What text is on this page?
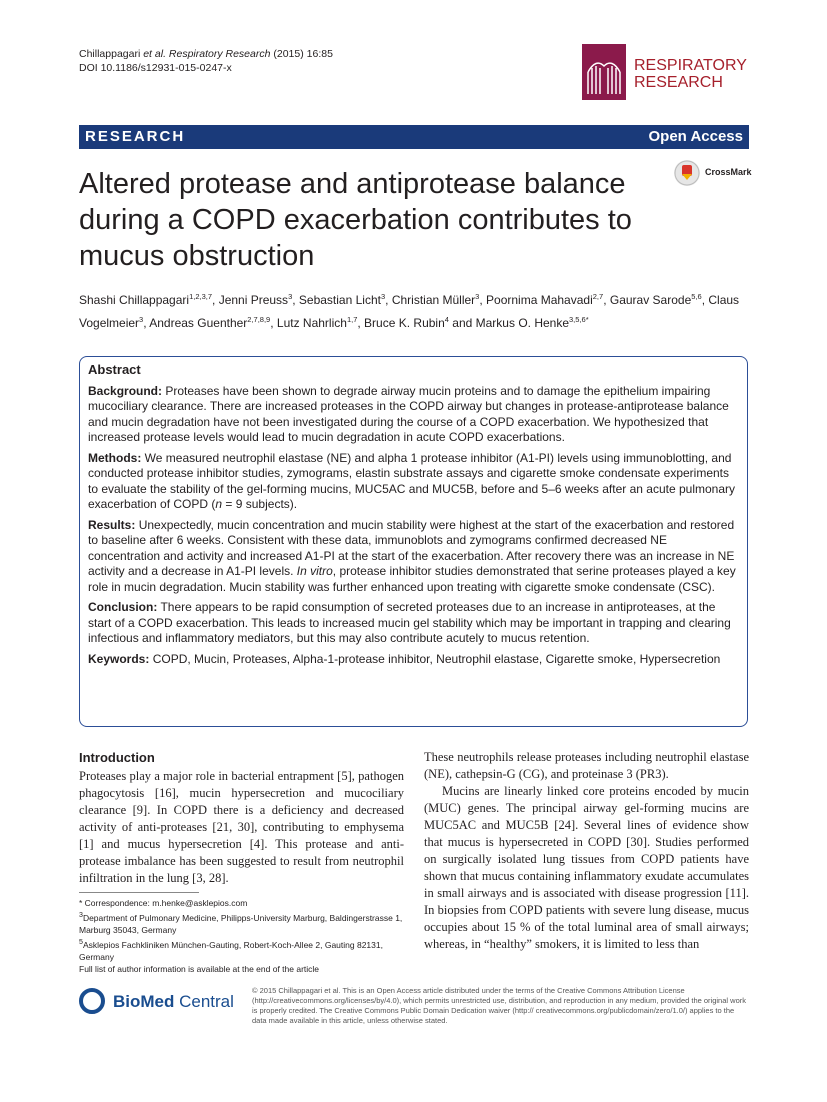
Chillappagari et al. Respiratory Research (2015) 16:85
DOI 10.1186/s12931-015-0247-x	RESPIRATORY
RESEARCH
RESEARCH	Open Access
Altered protease and antiprotease balance during a COPD exacerbation contributes to mucus obstruction
CrossMark
Shashi Chillappagari$^{1,2,3,7}$, Jenni Preuss$^3$, Sebastian Licht$^3$, Christian Müller$^3$, Poornima Mahavadi$^{2,7}$, Gaurav Sarode$^{5,6}$, Claus Vogelmeier$^3$, Andreas Guenther$^{2,7,8,9}$, Lutz Nahrlich$^{1,7}$, Bruce K. Rubin$^4$ and Markus O. Henke$^{3,5,6*}$
Abstract

Background: Proteases have been shown to degrade airway mucin proteins and to damage the epithelium impairing mucociliary clearance. There are increased proteases in the COPD airway but changes in protease-antiprotease balance and mucin degradation have not been investigated during the course of a COPD exacerbation. We hypothesized that increased protease levels would lead to mucin degradation in acute COPD exacerbations.

Methods: We measured neutrophil elastase (NE) and alpha 1 protease inhibitor (A1-PI) levels using immunoblotting, and conducted protease inhibitor studies, zymograms, elastin substrate assays and cigarette smoke condensate experiments to evaluate the stability of the gel-forming mucins, MUC5AC and MUC5B, before and 5–6 weeks after an acute pulmonary exacerbation of COPD (n = 9 subjects).

Results: Unexpectedly, mucin concentration and mucin stability were highest at the start of the exacerbation and restored to baseline after 6 weeks. Consistent with these data, immunoblots and zymograms confirmed decreased NE concentration and activity and increased A1-PI at the start of the exacerbation. After recovery there was an increase in NE activity and a decrease in A1-PI levels. In vitro, protease inhibitor studies demonstrated that serine proteases played a key role in mucin degradation. Mucin stability was further enhanced upon treating with cigarette smoke condensate (CSC).

Conclusion: There appears to be rapid consumption of secreted proteases due to an increase in antiproteases, at the start of a COPD exacerbation. This leads to increased mucin gel stability which may be important in trapping and clearing infectious and inflammatory mediators, but this may also contribute acutely to mucus retention.

Keywords: COPD, Mucin, Proteases, Alpha-1-protease inhibitor, Neutrophil elastase, Cigarette smoke, Hypersecretion

Introduction

Proteases play a major role in bacterial entrapment [5], pathogen phagocytosis [16], mucin hypersecretion and mucociliary clearance [9]. In COPD there is a deficiency and decreased activity of anti-proteases [21, 30], contributing to emphysema [1] and mucus hypersecretion [4]. This protease and anti-protease imbalance has been suggested to result from neutrophil infiltration in the lung [3, 28].

These neutrophils release proteases including neutrophil elastase (NE), cathepsin-G (CG), and proteinase 3 (PR3).

Mucins are linearly linked core proteins encoded by mucin (MUC) genes. The principal airway gel-forming mucins are MUC5AC and MUC5B [24]. Several lines of evidence show that mucus is hypersecreted in COPD [30]. Studies performed on surgically isolated lung tissues from COPD patients have shown that mucus containing inflammatory exudate accumulates in small airways and is associated with disease progression [11]. In biopsies from COPD patients with severe lung disease, mucus occupies about 15 % of the total luminal area of small airways; whereas, in “healthy” smokers, it is limited to less than

* Correspondence: m.henke@asklepios.com

$^3$Department of Pulmonary Medicine, Philipps-University Marburg, Baldingerstrasse 1, Marburg 35043, Germany

$^5$Asklepios Fachkliniken München-Gauting, Robert-Koch-Allee 2, Gauting 82131, Germany

Full list of author information is available at the end of the article

BioMed Central
© 2015 Chillappagari et al. This is an Open Access article distributed under the terms of the Creative Commons Attribution License (http://creativecommons.org/licenses/by/4.0), which permits unrestricted use, distribution, and reproduction in any medium, provided the original work is properly credited. The Creative Commons Public Domain Dedication waiver (http:// creativecommons.org/publicdomain/zero/1.0/) applies to the data made available in this article, unless otherwise stated.
